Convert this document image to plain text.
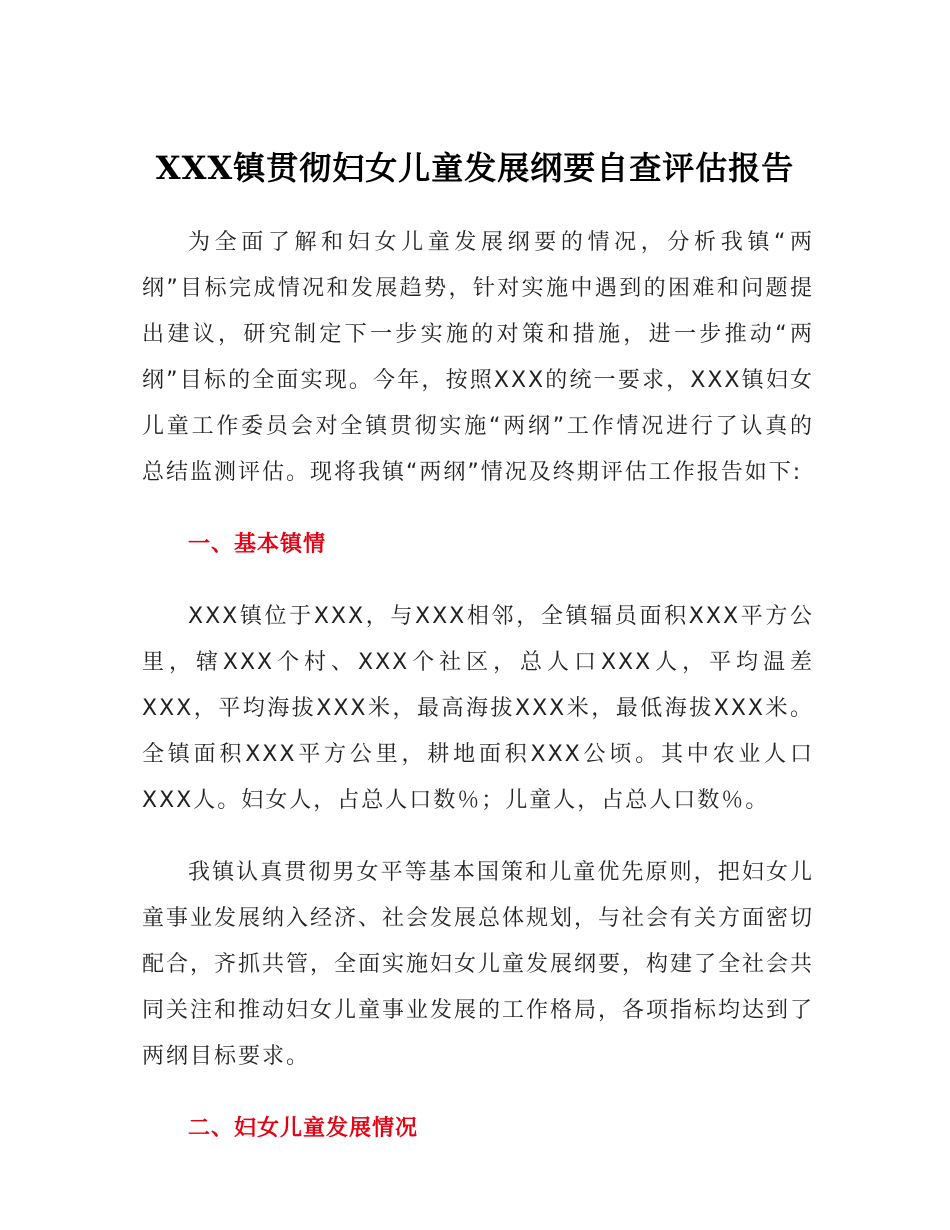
XXX镇贯彻妇女儿童发展纲要自查评估报告

为全面了解和妇女儿童发展纲要的情况，分析我镇“两纲”目标完成情况和发展趋势，针对实施中遇到的困难和问题提出建议，研究制定下一步实施的对策和措施，进一步推动“两纲”目标的全面实现。今年，按照XXX的统一要求，XXX镇妇女儿童工作委员会对全镇贯彻实施“两纲”工作情况进行了认真的总结监测评估。现将我镇“两纲”情况及终期评估工作报告如下:

一、基本镇情

XXX镇位于XXX，与XXX相邻，全镇辐员面积XXX平方公里，辖XXX个村、XXX个社区，总人口XXX人，平均温差XXX，平均海拔XXX米，最高海拔XXX米，最低海拔XXX米。全镇面积XXX平方公里，耕地面积XXX公顷。其中农业人口XXX人。妇女人，占总人口数％；儿童人，占总人口数％。

我镇认真贯彻男女平等基本国策和儿童优先原则，把妇女儿童事业发展纳入经济、社会发展总体规划，与社会有关方面密切配合，齐抓共管，全面实施妇女儿童发展纲要，构建了全社会共同关注和推动妇女儿童事业发展的工作格局，各项指标均达到了两纲目标要求。

二、妇女儿童发展情况
